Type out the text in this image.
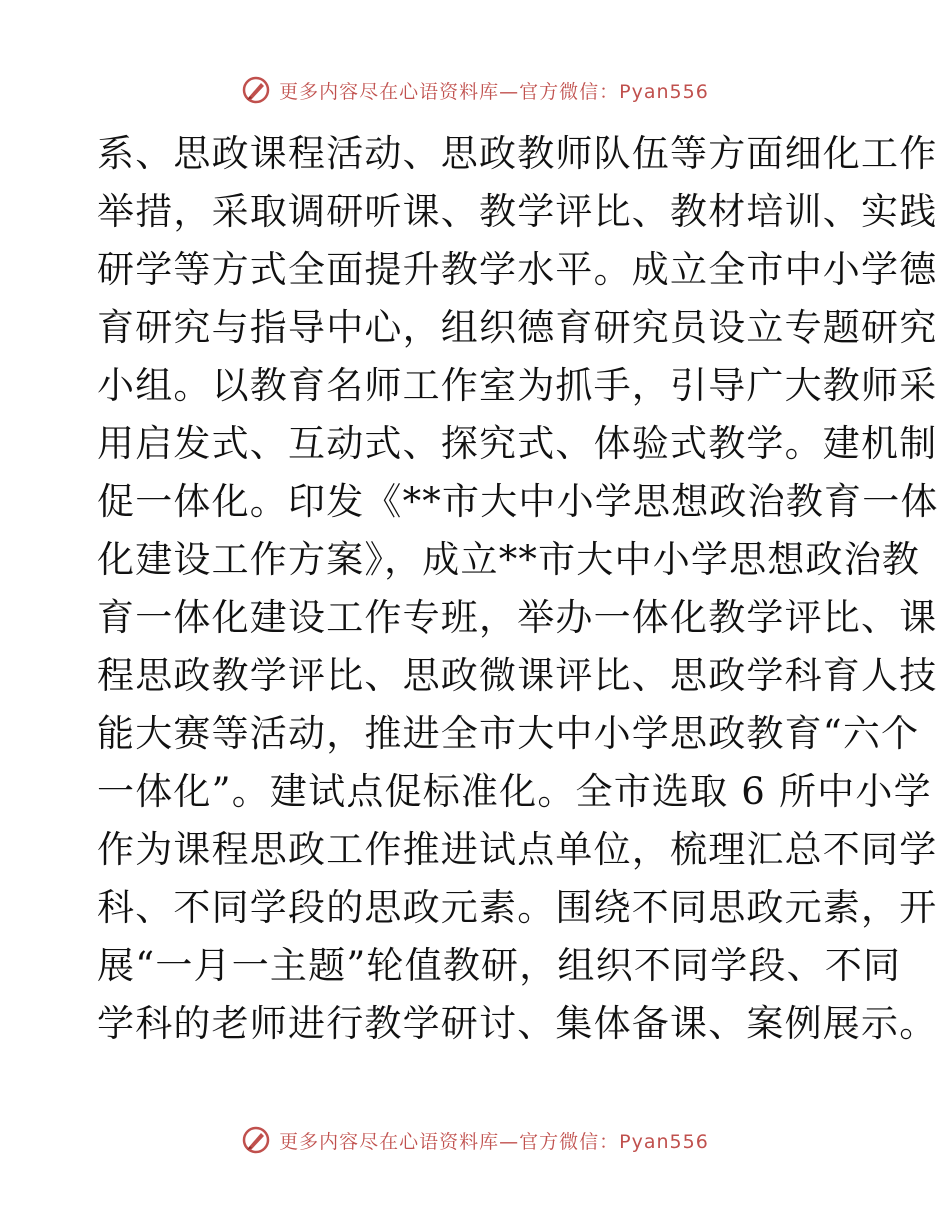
更多内容尽在心语资料库—官方微信：Pyan556
系、思政课程活动、思政教师队伍等方面细化工作
举措，采取调研听课、教学评比、教材培训、实践
研学等方式全面提升教学水平。成立全市中小学德
育研究与指导中心，组织德育研究员设立专题研究
小组。以教育名师工作室为抓手，引导广大教师采
用启发式、互动式、探究式、体验式教学。建机制
促一体化。印发《**市大中小学思想政治教育一体
化建设工作方案》，成立**市大中小学思想政治教
育一体化建设工作专班，举办一体化教学评比、课
程思政教学评比、思政微课评比、思政学科育人技
能大赛等活动，推进全市大中小学思政教育“六个
一体化”。建试点促标准化。全市选取 6 所中小学
作为课程思政工作推进试点单位，梳理汇总不同学
科、不同学段的思政元素。围绕不同思政元素，开
展“一月一主题”轮值教研，组织不同学段、不同
学科的老师进行教学研讨、集体备课、案例展示。
更多内容尽在心语资料库—官方微信：Pyan556
